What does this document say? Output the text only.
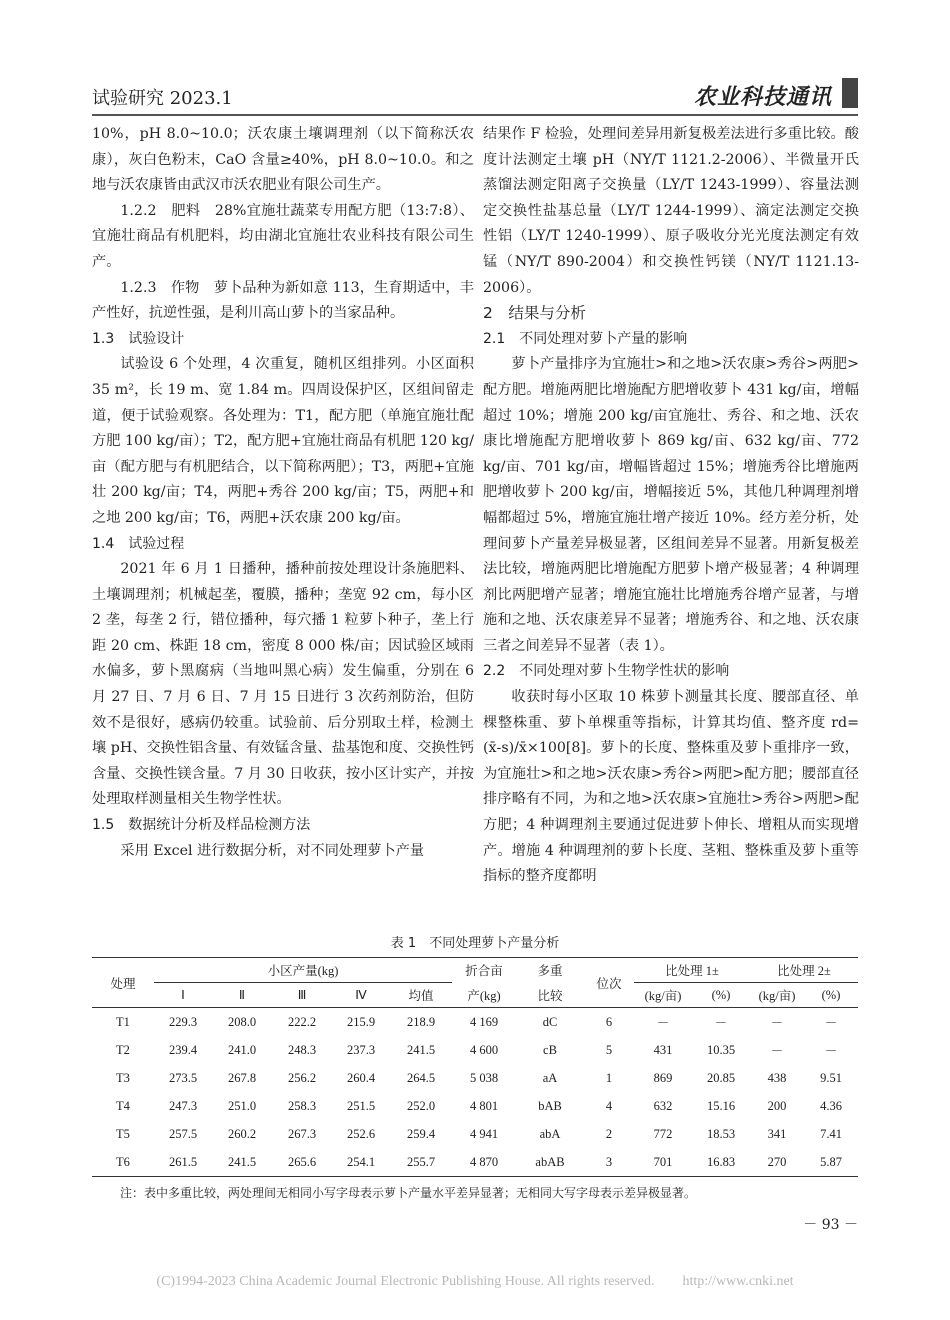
试验研究 2023.1	农业科技通讯

10%，pH 8.0~10.0；沃农康土壤调理剂（以下简称沃农康），灰白色粉末，CaO 含量≥40%，pH 8.0~10.0。和之地与沃农康皆由武汉市沃农肥业有限公司生产。

1.2.2　肥料　28%宜施壮蔬菜专用配方肥（13:7:8）、宜施壮商品有机肥料，均由湖北宜施壮农业科技有限公司生产。

1.2.3　作物　萝卜品种为新如意 113，生育期适中，丰产性好，抗逆性强，是利川高山萝卜的当家品种。

1.3　试验设计

试验设 6 个处理，4 次重复，随机区组排列。小区面积 35 m²，长 19 m、宽 1.84 m。四周设保护区，区组间留走道，便于试验观察。各处理为：T1，配方肥（单施宜施壮配方肥 100 kg/亩）；T2，配方肥+宜施壮商品有机肥 120 kg/亩（配方肥与有机肥结合，以下简称两肥）；T3，两肥+宜施壮 200 kg/亩；T4，两肥+秀谷 200 kg/亩；T5，两肥+和之地 200 kg/亩；T6，两肥+沃农康 200 kg/亩。

1.4　试验过程

2021 年 6 月 1 日播种，播种前按处理设计条施肥料、土壤调理剂；机械起垄，覆膜，播种；垄宽 92 cm，每小区 2 垄，每垄 2 行，错位播种，每穴播 1 粒萝卜种子，垄上行距 20 cm、株距 18 cm，密度 8 000 株/亩；因试验区域雨水偏多，萝卜黑腐病（当地叫黑心病）发生偏重，分别在 6 月 27 日、7 月 6 日、7 月 15 日进行 3 次药剂防治，但防效不是很好，感病仍较重。试验前、后分别取土样，检测土壤 pH、交换性铝含量、有效锰含量、盐基饱和度、交换性钙含量、交换性镁含量。7 月 30 日收获，按小区计实产，并按处理取样测量相关生物学性状。

1.5　数据统计分析及样品检测方法

采用 Excel 进行数据分析，对不同处理萝卜产量

结果作 F 检验，处理间差异用新复极差法进行多重比较。酸度计法测定土壤 pH（NY/T 1121.2-2006）、半微量开氏蒸馏法测定阳离子交换量（LY/T 1243-1999）、容量法测定交换性盐基总量（LY/T 1244-1999）、滴定法测定交换性铝（LY/T 1240-1999）、原子吸收分光光度法测定有效锰（NY/T 890-2004）和交换性钙镁（NY/T 1121.13-2006）。

2　结果与分析

2.1　不同处理对萝卜产量的影响

萝卜产量排序为宜施壮>和之地>沃农康>秀谷>两肥>配方肥。增施两肥比增施配方肥增收萝卜 431 kg/亩，增幅超过 10%；增施 200 kg/亩宜施壮、秀谷、和之地、沃农康比增施配方肥增收萝卜 869 kg/亩、632 kg/亩、772 kg/亩、701 kg/亩，增幅皆超过 15%；增施秀谷比增施两肥增收萝卜 200 kg/亩，增幅接近 5%，其他几种调理剂增幅都超过 5%，增施宜施壮增产接近 10%。经方差分析，处理间萝卜产量差异极显著，区组间差异不显著。用新复极差法比较，增施两肥比增施配方肥萝卜增产极显著；4 种调理剂比两肥增产显著；增施宜施壮比增施秀谷增产显著，与增施和之地、沃农康差异不显著；增施秀谷、和之地、沃农康三者之间差异不显著（表 1）。

2.2　不同处理对萝卜生物学性状的影响

收获时每小区取 10 株萝卜测量其长度、腰部直径、单棵整株重、萝卜单棵重等指标，计算其均值、整齐度 rd=(x̄-s)/x̄×100[8]。萝卜的长度、整株重及萝卜重排序一致，为宜施壮>和之地>沃农康>秀谷>两肥>配方肥；腰部直径排序略有不同，为和之地>沃农康>宜施壮>秀谷>两肥>配方肥；4 种调理剂主要通过促进萝卜伸长、增粗从而实现增产。增施 4 种调理剂的萝卜长度、茎粗、整株重及萝卜重等指标的整齐度都明

表 1　不同处理萝卜产量分析
处理	小区产量(kg)					折合亩	多重	位次	比处理 1±		比处理 2±	
	Ⅰ	Ⅱ	Ⅲ	Ⅳ	均值	产(kg)	比较		(kg/亩)	(%)	(kg/亩)	(%)
T1	229.3	208.0	222.2	215.9	218.9	4 169	dC	6	－	－	－	－
T2	239.4	241.0	248.3	237.3	241.5	4 600	cB	5	431	10.35	－	－
T3	273.5	267.8	256.2	260.4	264.5	5 038	aA	1	869	20.85	438	9.51
T4	247.3	251.0	258.3	251.5	252.0	4 801	bAB	4	632	15.16	200	4.36
T5	257.5	260.2	267.3	252.6	259.4	4 941	abA	2	772	18.53	341	7.41
T6	261.5	241.5	265.6	254.1	255.7	4 870	abAB	3	701	16.83	270	5.87
注：表中多重比较，两处理间无相同小写字母表示萝卜产量水平差异显著；无相同大写字母表示差异极显著。
－ 93 －
(C)1994-2023 China Academic Journal Electronic Publishing House. All rights reserved.　　http://www.cnki.net
